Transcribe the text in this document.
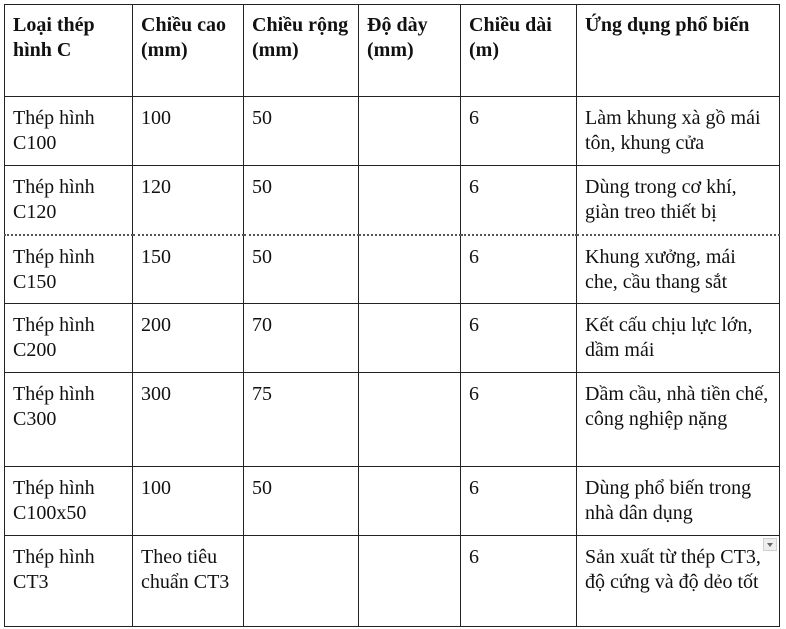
Loại thép hình C	Chiều cao (mm)	Chiều rộng (mm)	Độ dày (mm)	Chiều dài (m)	Ứng dụng phổ biến
Thép hình C100	100	50		6	Làm khung xà gồ mái tôn, khung cửa
Thép hình C120	120	50		6	Dùng trong cơ khí, giàn treo thiết bị
Thép hình C150	150	50		6	Khung xưởng, mái che, cầu thang sắt
Thép hình C200	200	70		6	Kết cấu chịu lực lớn, dầm mái
Thép hình C300	300	75		6	Dầm cầu, nhà tiền chế, công nghiệp nặng
Thép hình C100x50	100	50		6	Dùng phổ biến trong nhà dân dụng
Thép hình CT3	Theo tiêu chuẩn CT3			6	Sản xuất từ thép CT3, độ cứng và độ dẻo tốt
